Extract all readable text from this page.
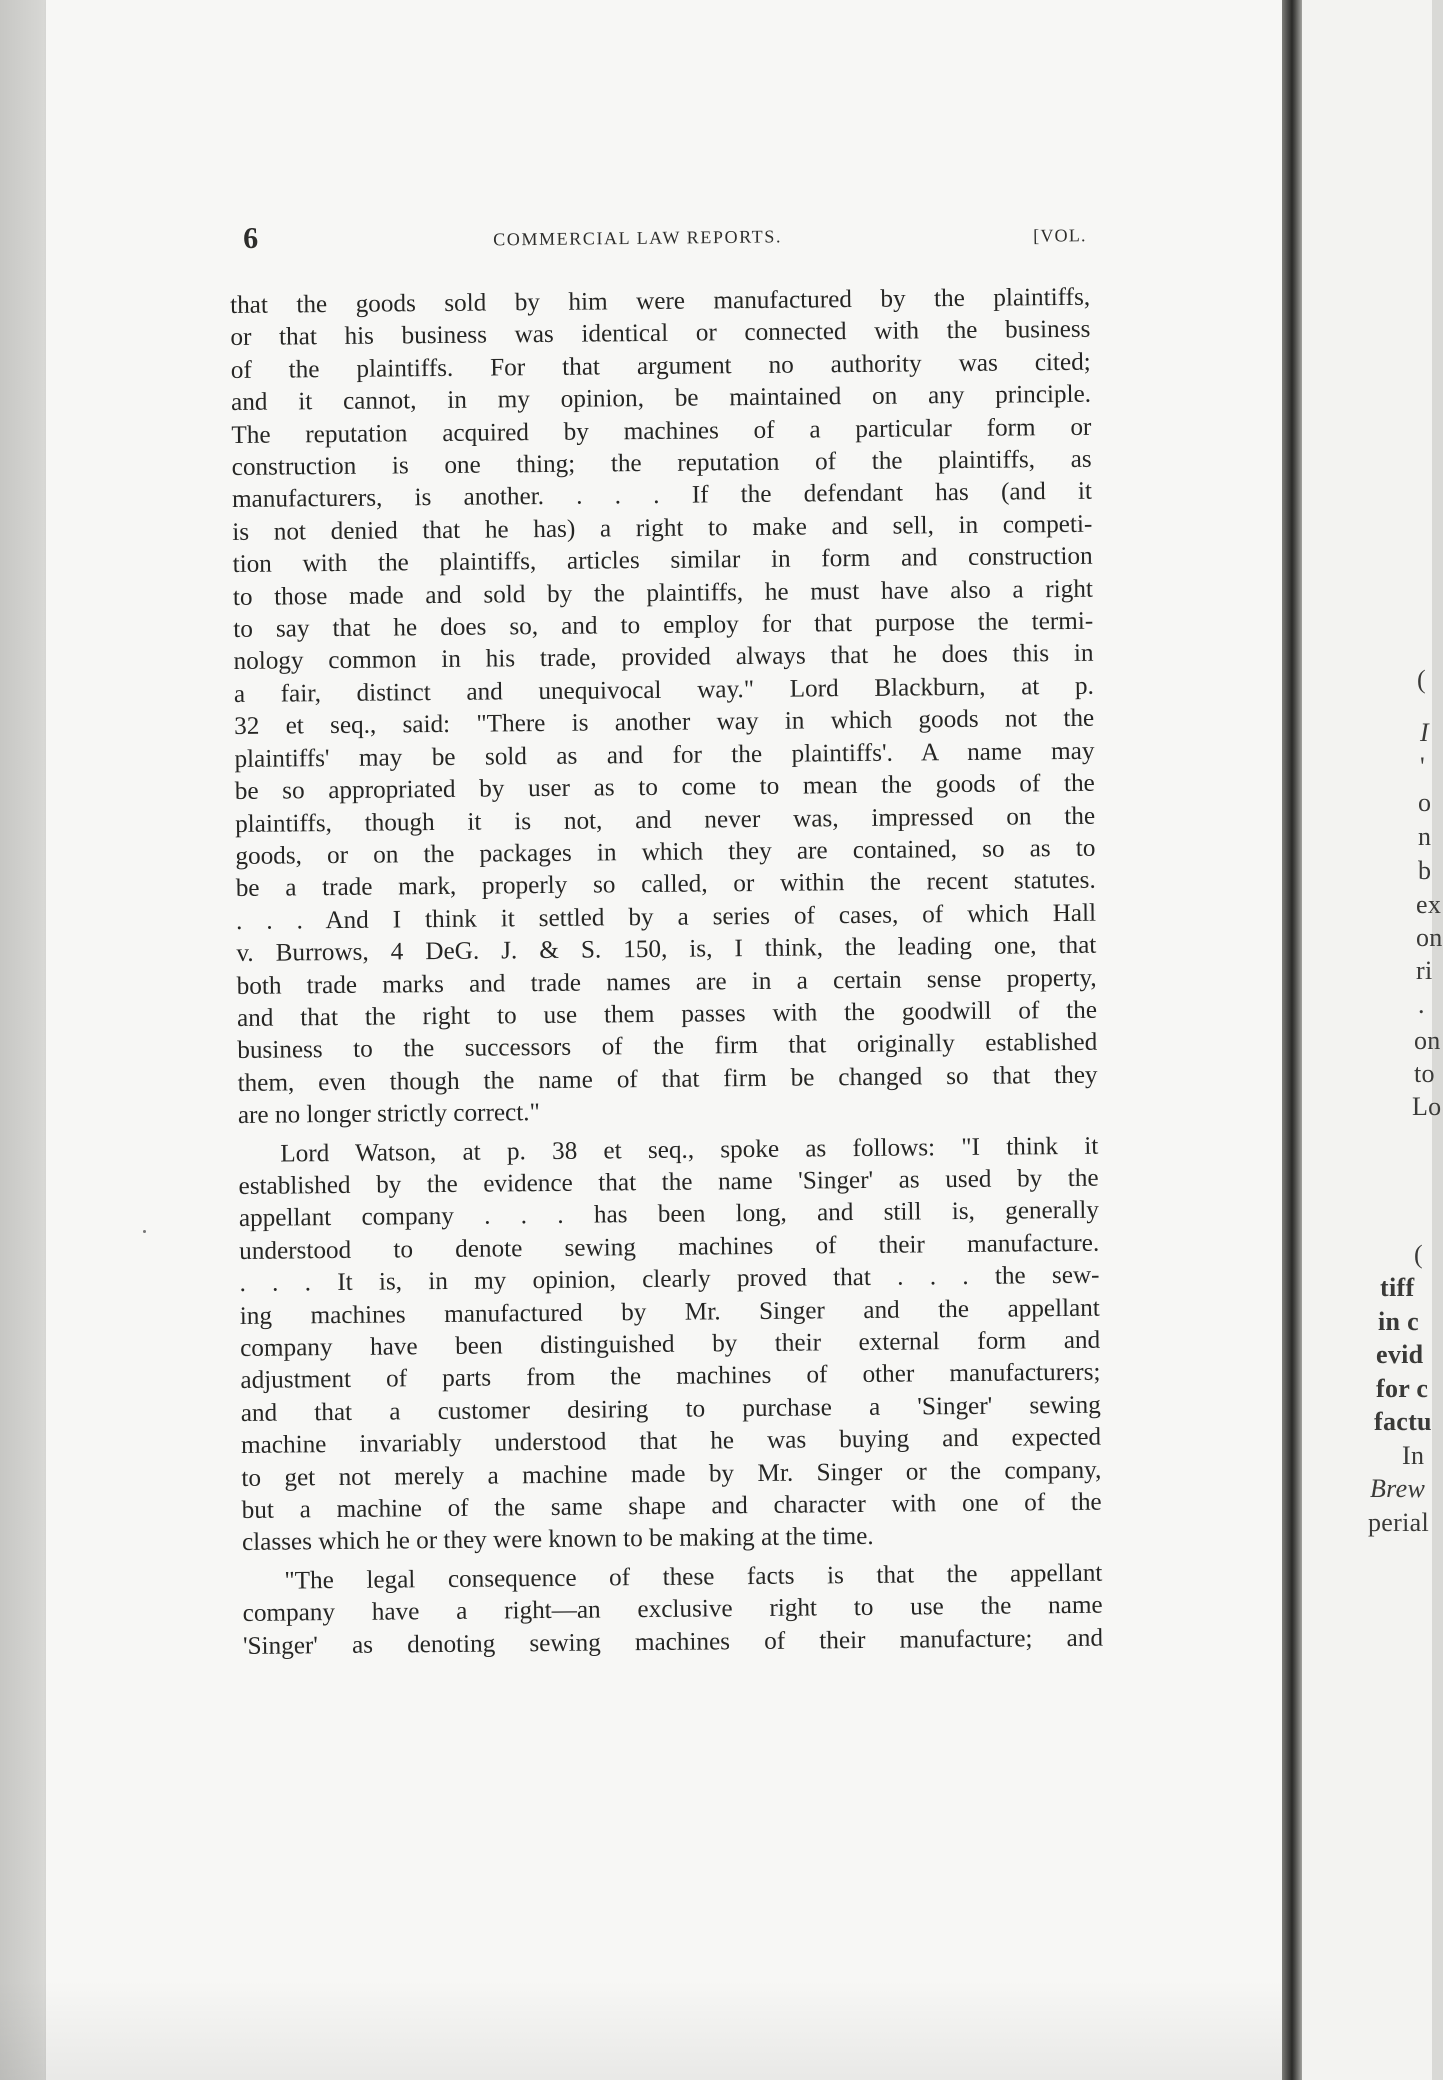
6	COMMERCIAL LAW REPORTS.	[VOL.

that the goods sold by him were manufactured by the plaintiffs,
or that his business was identical or connected with the business
of the plaintiffs. For that argument no authority was cited;
and it cannot, in my opinion, be maintained on any principle.
The reputation acquired by machines of a particular form or
construction is one thing; the reputation of the plaintiffs, as
manufacturers, is another. . . . If the defendant has (and it
is not denied that he has) a right to make and sell, in competi-
tion with the plaintiffs, articles similar in form and construction
to those made and sold by the plaintiffs, he must have also a right
to say that he does so, and to employ for that purpose the termi-
nology common in his trade, provided always that he does this in
a fair, distinct and unequivocal way." Lord Blackburn, at p.
32 et seq., said: "There is another way in which goods not the
plaintiffs' may be sold as and for the plaintiffs'. A name may
be so appropriated by user as to come to mean the goods of the
plaintiffs, though it is not, and never was, impressed on the
goods, or on the packages in which they are contained, so as to
be a trade mark, properly so called, or within the recent statutes.
. . . And I think it settled by a series of cases, of which Hall
v. Burrows, 4 DeG. J. & S. 150, is, I think, the leading one, that
both trade marks and trade names are in a certain sense property,
and that the right to use them passes with the goodwill of the
business to the successors of the firm that originally established
them, even though the name of that firm be changed so that they
are no longer strictly correct."

Lord Watson, at p. 38 et seq., spoke as follows: "I think it
established by the evidence that the name 'Singer' as used by the
appellant company . . . has been long, and still is, generally
understood to denote sewing machines of their manufacture.
. . . It is, in my opinion, clearly proved that . . . the sew-
ing machines manufactured by Mr. Singer and the appellant
company have been distinguished by their external form and
adjustment of parts from the machines of other manufacturers;
and that a customer desiring to purchase a 'Singer' sewing
machine invariably understood that he was buying and expected
to get not merely a machine made by Mr. Singer or the company,
but a machine of the same shape and character with one of the
classes which he or they were known to be making at the time.

"The legal consequence of these facts is that the appellant
company have a right—an exclusive right to use the name
'Singer' as denoting sewing machines of their manufacture; and

(
I
'
o
n
b
ex
on
ri
.
on
to
Lo
(
tiff
in c
evid
for c
factu
In
Brew
perial
